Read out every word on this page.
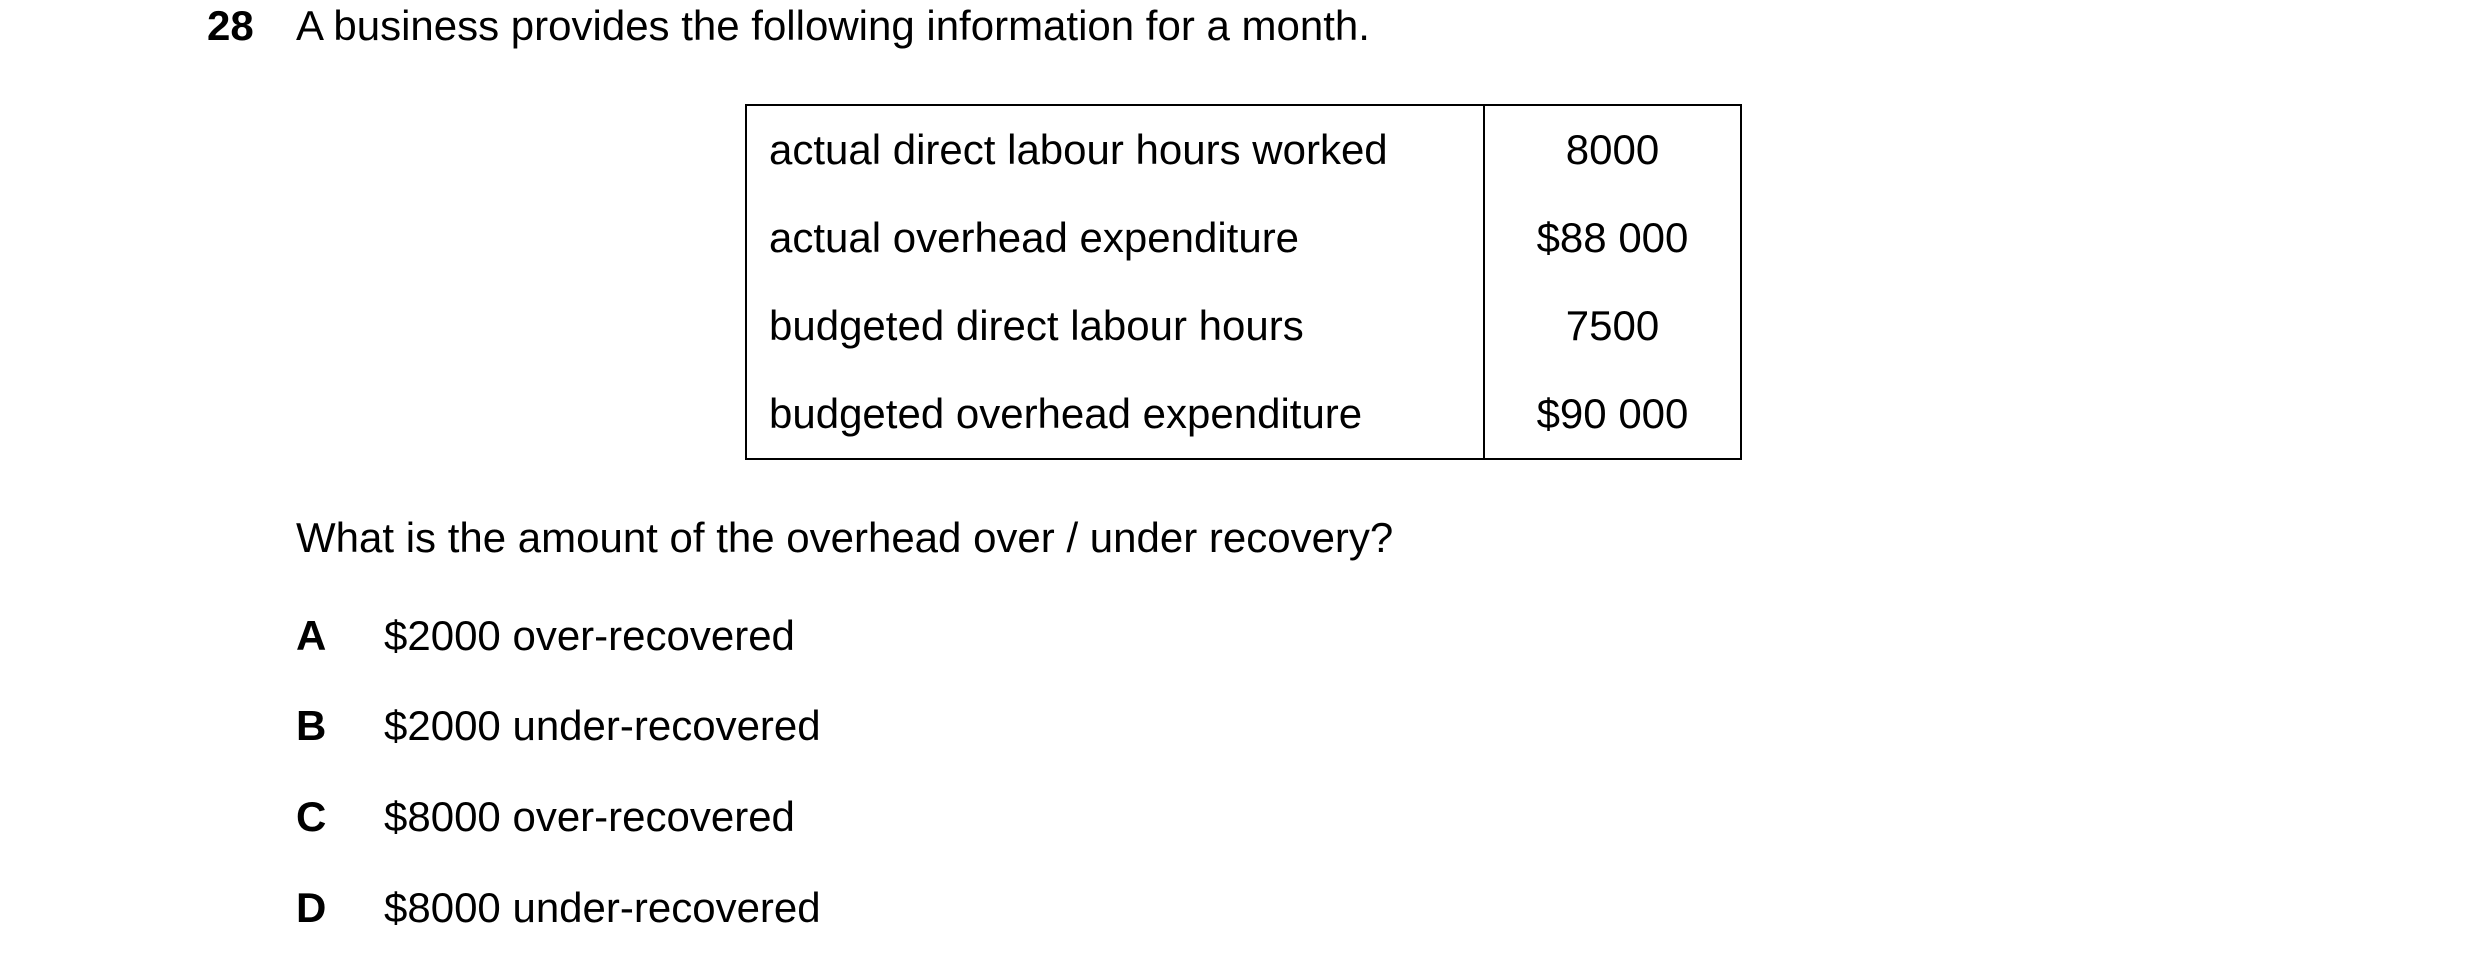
28 A business provides the following information for a month.
actual direct labour hours worked	8000
actual overhead expenditure	$88 000
budgeted direct labour hours	7500
budgeted overhead expenditure	$90 000
What is the amount of the overhead over / under recovery?
A $2000 over-recovered
B $2000 under-recovered
C $8000 over-recovered
D $8000 under-recovered
